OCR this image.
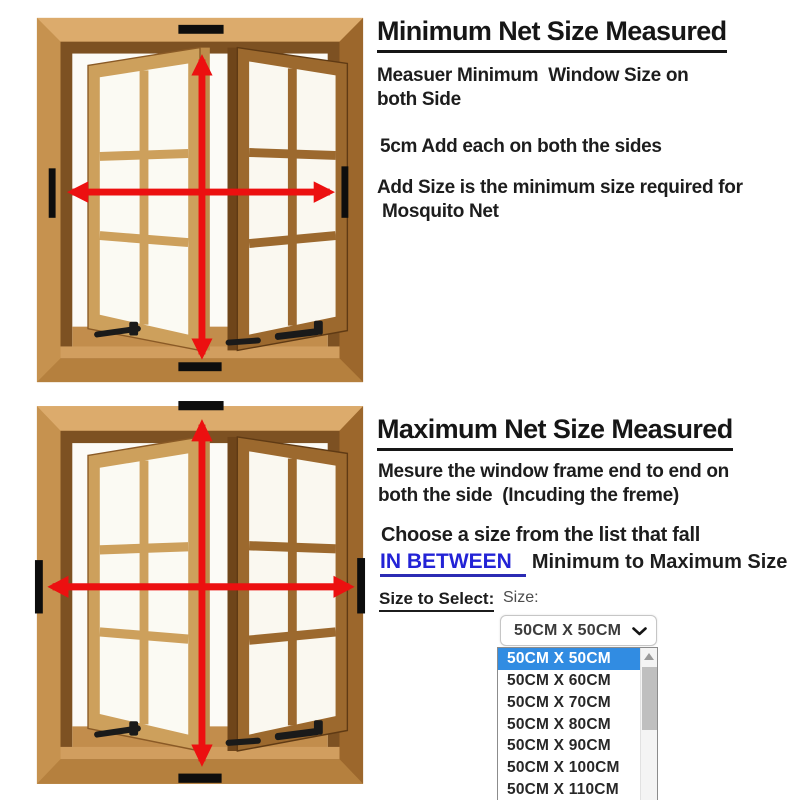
Minimum Net Size Measured

Measuer Minimum  Window Size on
both Side

5cm Add each on both the sides

Add Size is the minimum size required for
Mosquito Net

Maximum Net Size Measured

Mesure the window frame end to end on
both the side  (Incuding the freme)

Choose a size from the list that fall

IN BETWEEN Minimum to Maximum Size

Size to Select: Size:
50CM X 50CM
50CM X 50CM
50CM X 60CM
50CM X 70CM
50CM X 80CM
50CM X 90CM
50CM X 100CM
50CM X 110CM
